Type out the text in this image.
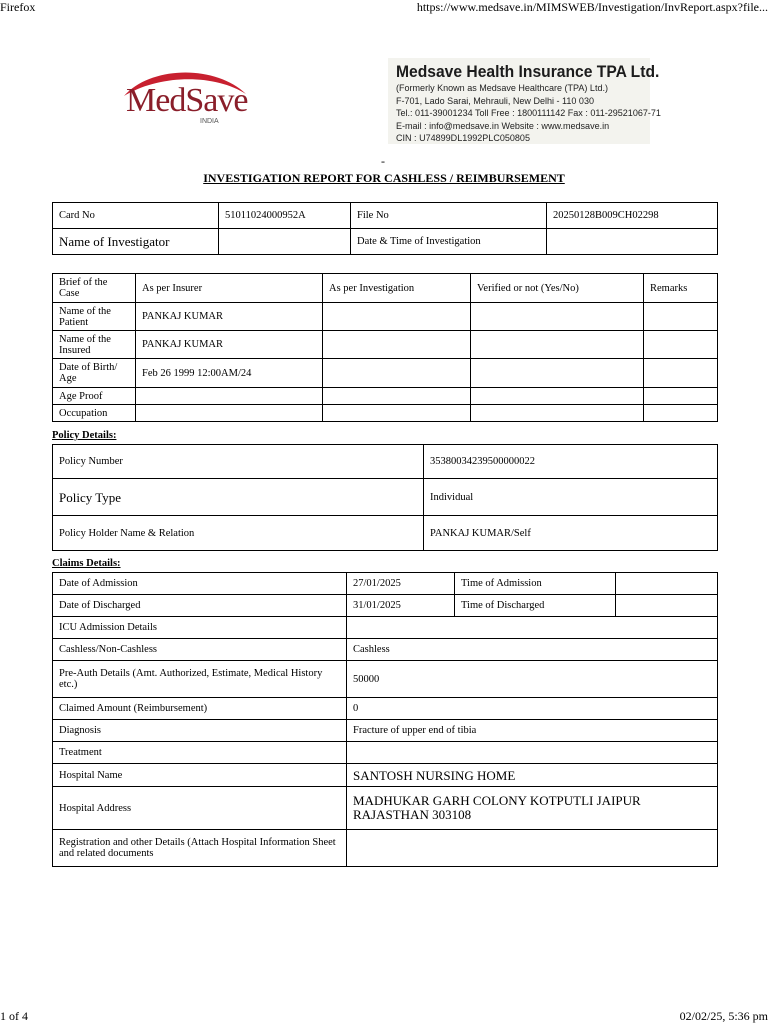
Firefox	https://www.medsave.in/MIMSWEB/Investigation/InvReport.aspx?file...
MedSave
INDIA
Medsave Health Insurance TPA Ltd.
(Formerly Known as Medsave Healthcare (TPA) Ltd.)
F-701, Lado Sarai, Mehrauli, New Delhi - 110 030
Tel.: 011-39001234 Toll Free : 1800111142 Fax : 011-29521067-71
E-mail : info@medsave.in Website : www.medsave.in
CIN : U74899DL1992PLC050805
-
INVESTIGATION REPORT FOR CASHLESS / REIMBURSEMENT
Card No	51011024000952A	File No	20250128B009CH02298
Name of Investigator		Date & Time of Investigation	
Brief of the Case	As per Insurer	As per Investigation	Verified or not (Yes/No)	Remarks
Name of the Patient	PANKAJ KUMAR			
Name of the Insured	PANKAJ KUMAR			
Date of Birth/ Age	Feb 26 1999 12:00AM/24			
Age Proof				
Occupation				
Policy Details:
Policy Number	35380034239500000022
Policy Type	Individual
Policy Holder Name & Relation	PANKAJ KUMAR/Self
Claims Details:
Date of Admission	27/01/2025	Time of Admission	
Date of Discharged	31/01/2025	Time of Discharged	
ICU Admission Details			
Cashless/Non-Cashless	Cashless		
Pre-Auth Details (Amt. Authorized, Estimate, Medical History etc.)	50000		
Claimed Amount (Reimbursement)	0		
Diagnosis	Fracture of upper end of tibia		
Treatment			
Hospital Name	SANTOSH NURSING HOME		
Hospital Address	MADHUKAR GARH COLONY KOTPUTLI JAIPUR RAJASTHAN 303108		
Registration and other Details (Attach Hospital Information Sheet and related documents			
1 of 4	02/02/25, 5:36 pm
